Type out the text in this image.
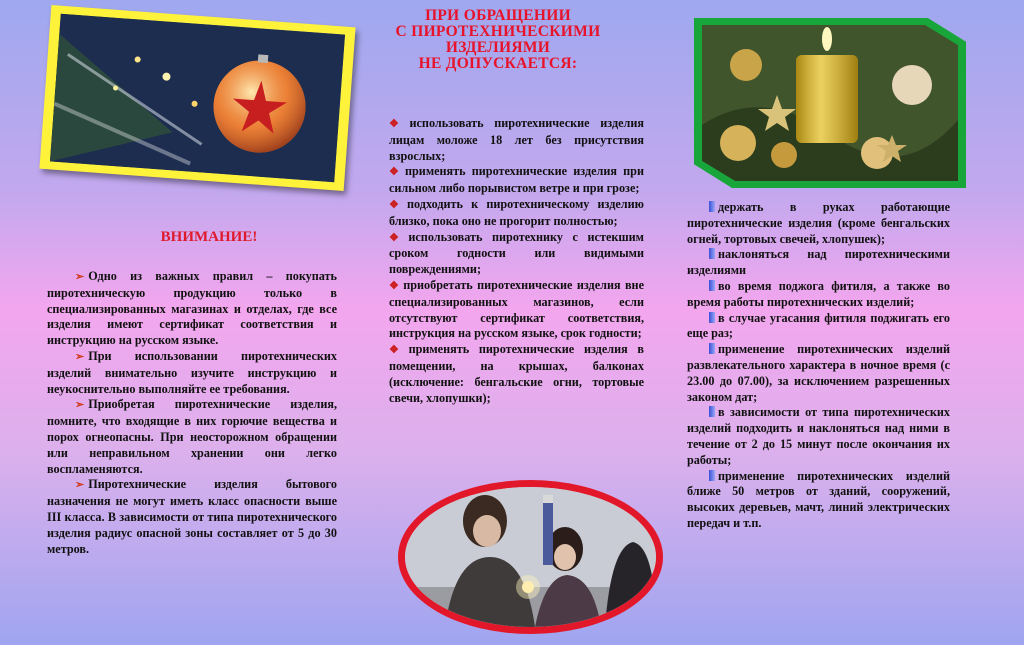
ПРИ ОБРАЩЕНИИ
С ПИРОТЕХНИЧЕСКИМИ
ИЗДЕЛИЯМИ
НЕ ДОПУСКАЕТСЯ:
ВНИМАНИЕ!

➢ Одно из важных правил – покупать пиротехническую продукцию только в специализированных магазинах и отделах, где все изделия имеют сертификат соответствия и инструкцию на русском языке.

➢ При использовании пиротехнических изделий внимательно изучите инструкцию и неукоснительно выполняйте ее требования.

➢ Приобретая пиротехнические изделия, помните, что входящие в них горючие вещества и порох огнеопасны. При неосторожном обращении или неправильном хранении они легко воспламеняются.

➢ Пиротехнические изделия бытового назначения не могут иметь класс опасности выше III класса. В зависимости от типа пиротехнического изделия радиус опасной зоны составляет от 5 до 30 метров.

❖ использовать пиротехнические изделия лицам моложе 18 лет без присутствия взрослых;

❖ применять пиротехнические изделия при сильном либо порывистом ветре и при грозе;

❖ подходить к пиротехническому изделию близко, пока оно не прогорит полностью;

❖ использовать пиротехнику с истекшим сроком годности или видимыми повреждениями;

❖ приобретать пиротехнические изделия вне специализированных магазинов, если отсутствуют сертификат соответствия, инструкция на русском языке, срок годности;

❖ применять пиротехнические изделия в помещении, на крышах, балконах (исключение: бенгальские огни, тортовые свечи, хлопушки);

держать в руках работающие пиротехнические изделия (кроме бенгальских огней, тортовых свечей, хлопушек);

наклоняться над пиротехническими изделиями

во время поджога фитиля, а также во время работы пиротехнических изделий;

в случае угасания фитиля поджигать его еще раз;

применение пиротехнических изделий развлекательного характера в ночное время (с 23.00 до 07.00), за исключением разрешенных законом дат;

в зависимости от типа пиротехнических изделий подходить и наклоняться над ними в течение от 2 до 15 минут после окончания их работы;

применение пиротехнических изделий ближе 50 метров от зданий, сооружений, высоких деревьев, мачт, линий электрических передач и т.п.
